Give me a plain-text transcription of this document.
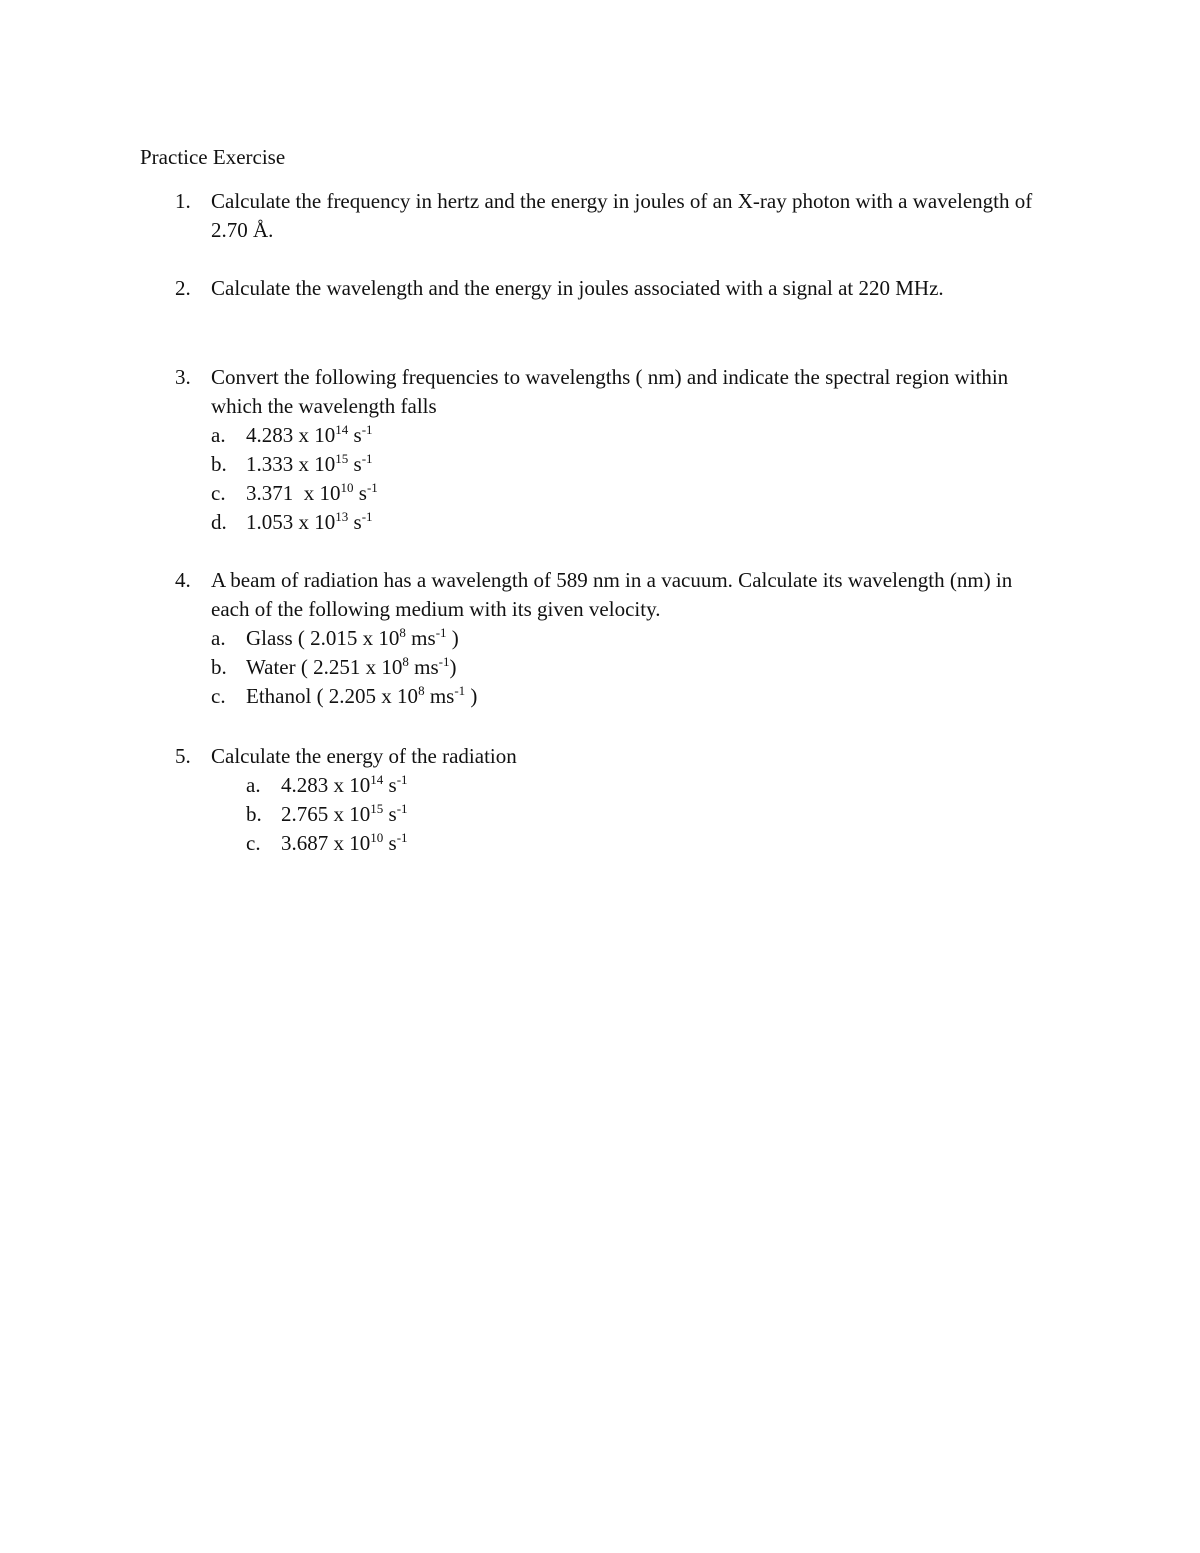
Practice Exercise
1. Calculate the frequency in hertz and the energy in joules of an X-ray photon with a wavelength of 2.70 Å.
2. Calculate the wavelength and the energy in joules associated with a signal at 220 MHz.
3. Convert the following frequencies to wavelengths ( nm) and indicate the spectral region within which the wavelength falls
a. 4.283 x $10^{14}$ $s^{-1}$
b. 1.333 x $10^{15}$ $s^{-1}$
c. 3.371  x $10^{10}$ $s^{-1}$
d. 1.053 x $10^{13}$ $s^{-1}$
4. A beam of radiation has a wavelength of 589 nm in a vacuum. Calculate its wavelength (nm) in each of the following medium with its given velocity.
a. Glass ( 2.015 x $10^8$ $ms^{-1}$ )
b. Water ( 2.251 x $10^8$ $ms^{-1}$)
c. Ethanol ( 2.205 x $10^8$ $ms^{-1}$ )
5. Calculate the energy of the radiation
a. 4.283 x $10^{14}$ $s^{-1}$
b. 2.765 x $10^{15}$ $s^{-1}$
c. 3.687 x $10^{10}$ $s^{-1}$
